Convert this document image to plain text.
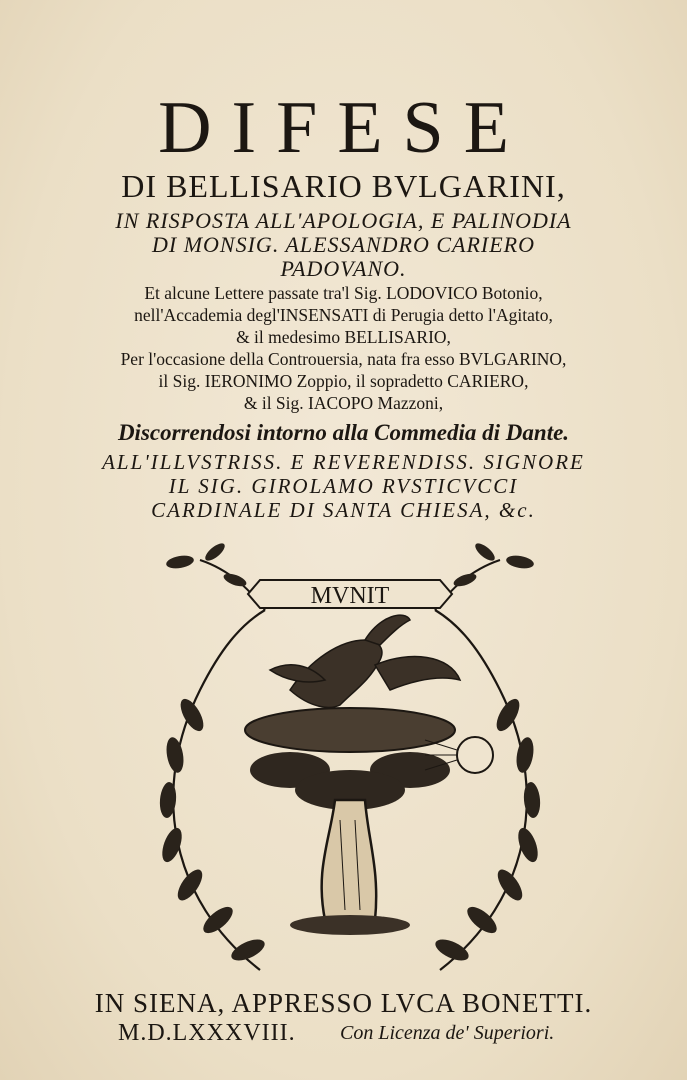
DIFESE
DI BELLISARIO BVLGARINI,
IN RISPOSTA ALL'APOLOGIA, E PALINODIA
DI MONSIG. ALESSANDRO CARIERO
PADOVANO.
Et alcune Lettere passate tra'l Sig. LODOVICO Botonio,
nell'Accademia degl'INSENSATI di Perugia detto l'Agitato,
& il medesimo BELLISARIO,
Per l'occasione della Controuersia, nata fra esso BVLGARINO,
il Sig. IERONIMO Zoppio, il sopradetto CARIERO,
& il Sig. IACOPO Mazzoni,
Discorrendosi intorno alla Commedia di Dante.
ALL'ILLVSTRISS. E REVERENDISS. SIGNORE
IL SIG. GIROLAMO RVSTICVCCI
CARDINALE DI SANTA CHIESA, &c.
MVNIT
IN SIENA, APPRESSO LVCA BONETTI.
M.D.LXXXVIII. Con Licenza de' Superiori.
